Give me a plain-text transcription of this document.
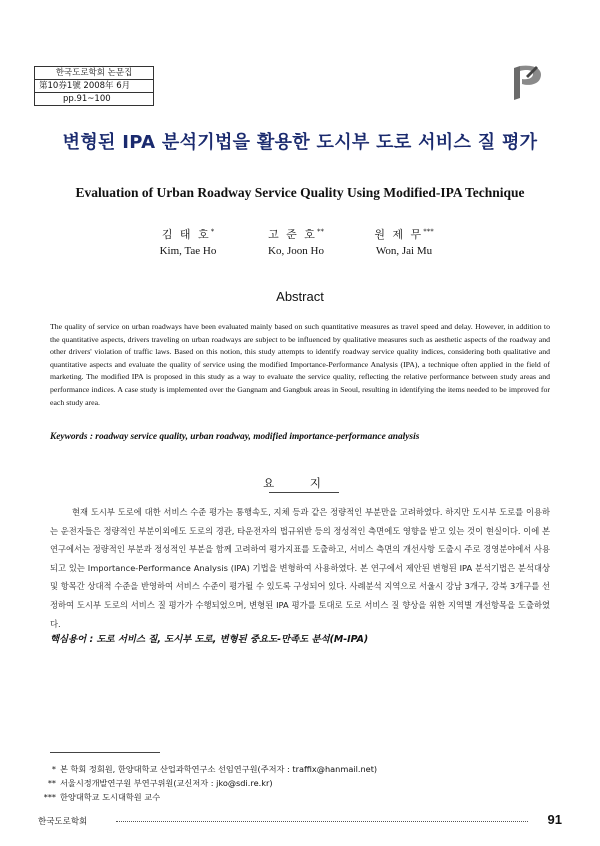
한국도로학회 논문집
第10券1號 2008年 6月
pp.91~100
변형된 IPA 분석기법을 활용한 도시부 도로 서비스 질 평가
Evaluation of Urban Roadway Service Quality Using Modified-IPA Technique
김 태 호*
Kim, Tae Ho
고 준 호**
Ko, Joon Ho
원 제 무***
Won, Jai Mu
Abstract
The quality of service on urban roadways have been evaluated mainly based on such quantitative measures as travel speed and delay. However, in addition to the quantitative aspects, drivers traveling on urban roadways are subject to be influenced by qualitative measures such as aesthetic aspects of the roadway and other drivers' violation of traffic laws. Based on this notion, this study attempts to identify roadway service quality indices, considering both qualitative and quantitative aspects and evaluate the quality of service using the modified Importance-Performance Analysis (IPA), a technique often applied in the field of marketing. The modified IPA is proposed in this study as a way to evaluate the service quality, reflecting the relative performance between study areas and performance indices. A case study is implemented over the Gangnam and Gangbuk areas in Seoul, resulting in identifying the items needed to be improved for each study area.
Keywords : roadway service quality, urban roadway, modified importance-performance analysis
요 지
현재 도시부 도로에 대한 서비스 수준 평가는 통행속도, 지체 등과 같은 정량적인 부분만을 고려하였다. 하지만 도시부 도로를 이용하는 운전자들은 정량적인 부분이외에도 도로의 경관, 타운전자의 법규위반 등의 정성적인 측면에도 영향을 받고 있는 것이 현실이다. 이에 본 연구에서는 정량적인 부분과 정성적인 부분을 함께 고려하여 평가지표를 도출하고, 서비스 측면의 개선사항 도출시 주로 경영분야에서 사용되고 있는 Importance-Performance Analysis (IPA) 기법을 변형하여 사용하였다. 본 연구에서 제안된 변형된 IPA 분석기법은 분석대상 및 항목간 상대적 수준을 반영하여 서비스 수준이 평가될 수 있도록 구성되어 있다. 사례분석 지역으로 서울시 강남 3개구, 강북 3개구를 선정하여 도시부 도로의 서비스 질 평가가 수행되었으며, 변형된 IPA 평가를 토대로 도로 서비스 질 향상을 위한 지역별 개선항목을 도출하였다.
핵심용어 : 도로 서비스 질, 도시부 도로, 변형된 중요도-만족도 분석(M-IPA)
* 본 학회 정회원, 한양대학교 산업과학연구소 선임연구원(주저자 : traffix@hanmail.net)
** 서울시정개발연구원 부연구위원(교신저자 : jko@sdi.re.kr)
*** 한양대학교 도시대학원 교수
한국도로학회	91
